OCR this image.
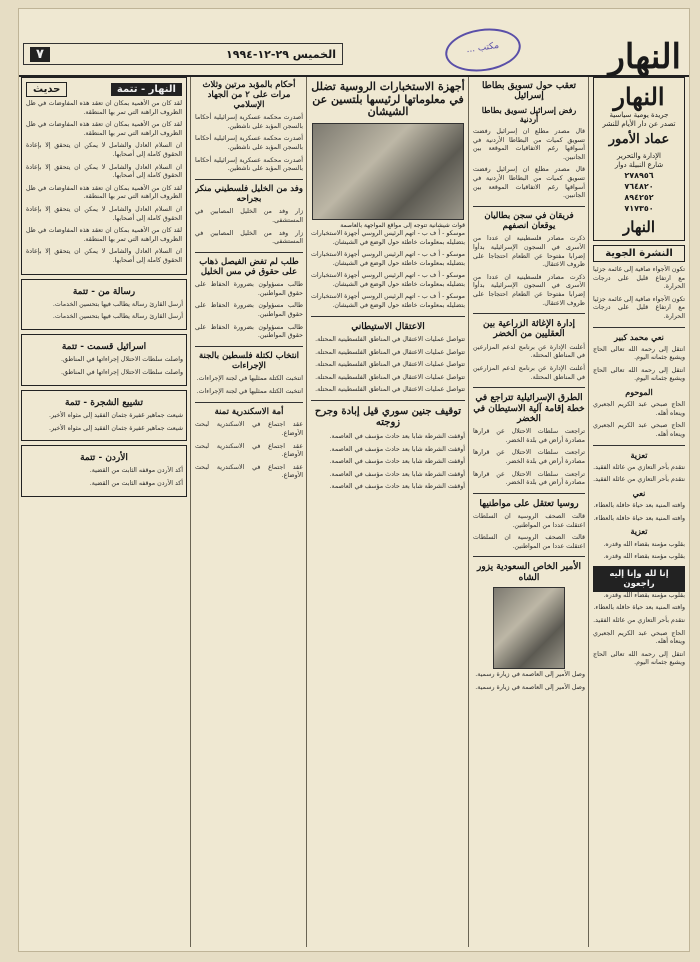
النهار
مكتب ...
الخميس ٢٩-١٢-١٩٩٤
٧
النهار
جريدة يومية سياسية
تصدر عن دار الأيام للنشر
عماد الأمور
الإدارة والتحرير
شارع النبيلة دوار
٢٧٨٩٥٦
٧٦٤٨٢٠
٨٩٤٢٥٢
٧١٧٣٥٠
النهار
النشرة الجوية

تكون الأجواء صافية إلى غائمة جزئيا مع ارتفاع قليل على درجات الحرارة.

تكون الأجواء صافية إلى غائمة جزئيا مع ارتفاع قليل على درجات الحرارة.

نعي محمد كبير

انتقل إلى رحمة الله تعالى الحاج ويشيع جثمانه اليوم.

انتقل إلى رحمة الله تعالى الحاج ويشيع جثمانه اليوم.

الموحوم

الحاج صبحي عبد الكريم الجعبري وينعاه أهله.

الحاج صبحي عبد الكريم الجعبري وينعاه أهله.

تعزية

نتقدم بأحر التعازي من عائلة الفقيد.

نتقدم بأحر التعازي من عائلة الفقيد.

نعي

وافته المنية بعد حياة حافلة بالعطاء.

وافته المنية بعد حياة حافلة بالعطاء.

تعزية

بقلوب مؤمنة بقضاء الله وقدره.

بقلوب مؤمنة بقضاء الله وقدره.

إنا لله وإنا إليه راجعون

بقلوب مؤمنة بقضاء الله وقدره.

وافته المنية بعد حياة حافلة بالعطاء.

نتقدم بأحر التعازي من عائلة الفقيد.

الحاج صبحي عبد الكريم الجعبري وينعاه أهله.

انتقل إلى رحمة الله تعالى الحاج ويشيع جثمانه اليوم.

تعقب حول تسويق بطاطا إسرائيل
رفض إسرائيل تسويق بطاطا أردنية

قال مصدر مطلع ان إسرائيل رفضت تسويق كميات من البطاطا الأردنية في أسواقها رغم الاتفاقيات الموقعة بين الجانبين.

قال مصدر مطلع ان إسرائيل رفضت تسويق كميات من البطاطا الأردنية في أسواقها رغم الاتفاقيات الموقعة بين الجانبين.

فريقان في سجن بطاليان يوقعان انصفهم

ذكرت مصادر فلسطينية ان عددا من الأسرى في السجون الإسرائيلية بدأوا إضرابا مفتوحا عن الطعام احتجاجا على ظروف الاعتقال.

ذكرت مصادر فلسطينية ان عددا من الأسرى في السجون الإسرائيلية بدأوا إضرابا مفتوحا عن الطعام احتجاجا على ظروف الاعتقال.

إدارة الإغاثة الزراعية بين العقليين من الخضر

أعلنت الإدارة عن برنامج لدعم المزارعين في المناطق المحتلة.

أعلنت الإدارة عن برنامج لدعم المزارعين في المناطق المحتلة.

الطرق الإسرائيلية تتراجع في خطة إقامة آلية الاستيطان في الخضر

تراجعت سلطات الاحتلال عن قرارها مصادرة أراض في بلدة الخضر.

تراجعت سلطات الاحتلال عن قرارها مصادرة أراض في بلدة الخضر.

تراجعت سلطات الاحتلال عن قرارها مصادرة أراض في بلدة الخضر.

روسيا تعتقل على مواطنيها

قالت الصحف الروسية ان السلطات اعتقلت عددا من المواطنين.

قالت الصحف الروسية ان السلطات اعتقلت عددا من المواطنين.

الأمير الخاص السعودية يزور الشاه

وصل الأمير إلى العاصمة في زيارة رسمية.

وصل الأمير إلى العاصمة في زيارة رسمية.

أجهزة الاستخبارات الروسية تضلل في معلوماتها لرئيسها بلتسين عن الشيشان
قوات شيشانية تتوجه إلى مواقع المواجهة بالعاصمة

موسكو - أ ف ب - اتهم الرئيس الروسي أجهزة الاستخبارات بتضليله بمعلومات خاطئة حول الوضع في الشيشان.

موسكو - أ ف ب - اتهم الرئيس الروسي أجهزة الاستخبارات بتضليله بمعلومات خاطئة حول الوضع في الشيشان.

موسكو - أ ف ب - اتهم الرئيس الروسي أجهزة الاستخبارات بتضليله بمعلومات خاطئة حول الوضع في الشيشان.

موسكو - أ ف ب - اتهم الرئيس الروسي أجهزة الاستخبارات بتضليله بمعلومات خاطئة حول الوضع في الشيشان.

الاعتقال الاستيطاني

تتواصل عمليات الاعتقال في المناطق الفلسطينية المحتلة.

تتواصل عمليات الاعتقال في المناطق الفلسطينية المحتلة.

تتواصل عمليات الاعتقال في المناطق الفلسطينية المحتلة.

تتواصل عمليات الاعتقال في المناطق الفلسطينية المحتلة.

تتواصل عمليات الاعتقال في المناطق الفلسطينية المحتلة.

توقيف جنين سوري قيل إبادة وجرح زوجته

أوقفت الشرطة شابا بعد حادث مؤسف في العاصمة.

أوقفت الشرطة شابا بعد حادث مؤسف في العاصمة.

أوقفت الشرطة شابا بعد حادث مؤسف في العاصمة.

أوقفت الشرطة شابا بعد حادث مؤسف في العاصمة.

أوقفت الشرطة شابا بعد حادث مؤسف في العاصمة.

أحكام بالمؤبد مرتين وثلاث مرات على ٢ من الجهاد الإسلامي

أصدرت محكمة عسكرية إسرائيلية أحكاما بالسجن المؤبد على ناشطين.

أصدرت محكمة عسكرية إسرائيلية أحكاما بالسجن المؤبد على ناشطين.

أصدرت محكمة عسكرية إسرائيلية أحكاما بالسجن المؤبد على ناشطين.

وفد من الخليل فلسطيني منكر بجراحه

زار وفد من الخليل المصابين في المستشفى.

زار وفد من الخليل المصابين في المستشفى.

طلب لم تفض الفيصل ذهاب على حقوق في مس الخليل

طالب مسؤولون بضرورة الحفاظ على حقوق المواطنين.

طالب مسؤولون بضرورة الحفاظ على حقوق المواطنين.

طالب مسؤولون بضرورة الحفاظ على حقوق المواطنين.

انتخاب لكتلة فلسطين بالجنة الإجراءات

انتخبت الكتلة ممثليها في لجنة الإجراءات.

انتخبت الكتلة ممثليها في لجنة الإجراءات.

أمة الاسكندرية تمنة

عقد اجتماع في الاسكندرية لبحث الأوضاع.

عقد اجتماع في الاسكندرية لبحث الأوضاع.

عقد اجتماع في الاسكندرية لبحث الأوضاع.

النهار - تتمة
حديث

لقد كان من الأهمية بمكان ان تعقد هذه المفاوضات في ظل الظروف الراهنة التي تمر بها المنطقة.

لقد كان من الأهمية بمكان ان تعقد هذه المفاوضات في ظل الظروف الراهنة التي تمر بها المنطقة.

ان السلام العادل والشامل لا يمكن ان يتحقق إلا بإعادة الحقوق كاملة إلى أصحابها.

ان السلام العادل والشامل لا يمكن ان يتحقق إلا بإعادة الحقوق كاملة إلى أصحابها.

لقد كان من الأهمية بمكان ان تعقد هذه المفاوضات في ظل الظروف الراهنة التي تمر بها المنطقة.

ان السلام العادل والشامل لا يمكن ان يتحقق إلا بإعادة الحقوق كاملة إلى أصحابها.

لقد كان من الأهمية بمكان ان تعقد هذه المفاوضات في ظل الظروف الراهنة التي تمر بها المنطقة.

ان السلام العادل والشامل لا يمكن ان يتحقق إلا بإعادة الحقوق كاملة إلى أصحابها.

رسالة من - تتمة

أرسل القارئ رسالة يطالب فيها بتحسين الخدمات.

أرسل القارئ رسالة يطالب فيها بتحسين الخدمات.

اسرائيل قسمت - تتمة

واصلت سلطات الاحتلال إجراءاتها في المناطق.

واصلت سلطات الاحتلال إجراءاتها في المناطق.

تشييع الشجرة - تتمة

شيعت جماهير غفيرة جثمان الفقيد إلى مثواه الأخير.

شيعت جماهير غفيرة جثمان الفقيد إلى مثواه الأخير.

الأردن - تتمة

أكد الأردن موقفه الثابت من القضية.

أكد الأردن موقفه الثابت من القضية.
